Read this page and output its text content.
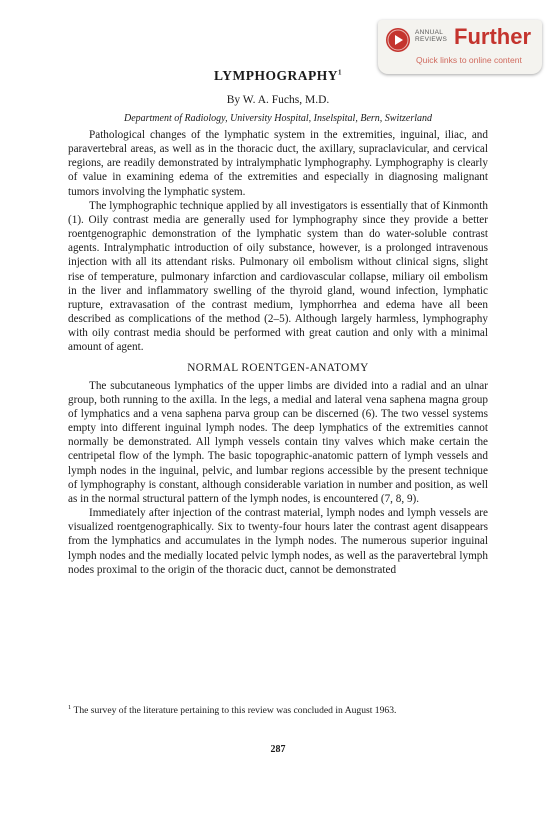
ANNUAL
REVIEWS Further
Quick links to online content
LYMPHOGRAPHY$^1$
By W. A. Fuchs, M.D.
Department of Radiology, University Hospital, Inselspital, Bern, Switzerland

Pathological changes of the lymphatic system in the extremities, inguinal, iliac, and paravertebral areas, as well as in the thoracic duct, the axillary, supraclavicular, and cervical regions, are readily demonstrated by intralymphatic lymphography. Lymphography is clearly of value in examining edema of the extremities and especially in diagnosing malignant tumors involving the lymphatic system.

The lymphographic technique applied by all investigators is essentially that of Kinmonth (1). Oily contrast media are generally used for lymphography since they provide a better roentgenographic demonstration of the lymphatic system than do water-soluble contrast agents. Intralymphatic introduction of oily substance, however, is a prolonged intravenous injection with all its attendant risks. Pulmonary oil embolism without clinical signs, slight rise of temperature, pulmonary infarction and cardiovascular collapse, miliary oil embolism in the liver and inflammatory swelling of the thyroid gland, wound infection, lymphatic rupture, extravasation of the contrast medium, lymphorrhea and edema have all been described as complications of the method (2–5). Although largely harmless, lymphography with oily contrast media should be performed with great caution and only with a minimal amount of agent.

NORMAL ROENTGEN-ANATOMY

The subcutaneous lymphatics of the upper limbs are divided into a radial and an ulnar group, both running to the axilla. In the legs, a medial and lateral vena saphena magna group of lymphatics and a vena saphena parva group can be discerned (6). The two vessel systems empty into different inguinal lymph nodes. The deep lymphatics of the extremities cannot normally be demonstrated. All lymph vessels contain tiny valves which make certain the centripetal flow of the lymph. The basic topographic-anatomic pattern of lymph vessels and lymph nodes in the inguinal, pelvic, and lumbar regions accessible by the present technique of lymphography is constant, although considerable variation in number and position, as well as in the normal structural pattern of the lymph nodes, is encountered (7, 8, 9).

Immediately after injection of the contrast material, lymph nodes and lymph vessels are visualized roentgenographically. Six to twenty-four hours later the contrast agent disappears from the lymphatics and accumulates in the lymph nodes. The numerous superior inguinal lymph nodes and the medially located pelvic lymph nodes, as well as the paravertebral lymph nodes proximal to the origin of the thoracic duct, cannot be demonstrated

$^1$ The survey of the literature pertaining to this review was concluded in August 1963.
287
